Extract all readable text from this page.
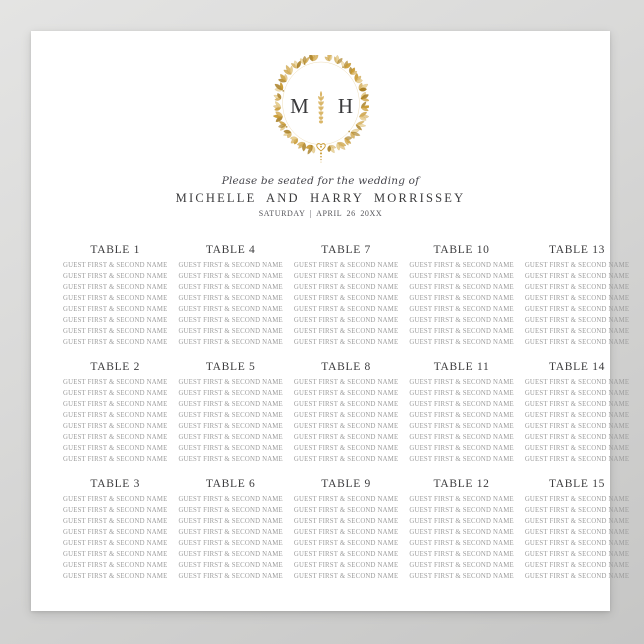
M	H
Please be seated for the wedding of
MICHELLE AND HARRY MORRISSEY
SATURDAY | APRIL 26 20XX
TABLE 1
GUEST FIRST & SECOND NAME
GUEST FIRST & SECOND NAME
GUEST FIRST & SECOND NAME
GUEST FIRST & SECOND NAME
GUEST FIRST & SECOND NAME
GUEST FIRST & SECOND NAME
GUEST FIRST & SECOND NAME
GUEST FIRST & SECOND NAME
TABLE 2
GUEST FIRST & SECOND NAME
GUEST FIRST & SECOND NAME
GUEST FIRST & SECOND NAME
GUEST FIRST & SECOND NAME
GUEST FIRST & SECOND NAME
GUEST FIRST & SECOND NAME
GUEST FIRST & SECOND NAME
GUEST FIRST & SECOND NAME
TABLE 3
GUEST FIRST & SECOND NAME
GUEST FIRST & SECOND NAME
GUEST FIRST & SECOND NAME
GUEST FIRST & SECOND NAME
GUEST FIRST & SECOND NAME
GUEST FIRST & SECOND NAME
GUEST FIRST & SECOND NAME
GUEST FIRST & SECOND NAME
TABLE 4
GUEST FIRST & SECOND NAME
GUEST FIRST & SECOND NAME
GUEST FIRST & SECOND NAME
GUEST FIRST & SECOND NAME
GUEST FIRST & SECOND NAME
GUEST FIRST & SECOND NAME
GUEST FIRST & SECOND NAME
GUEST FIRST & SECOND NAME
TABLE 5
GUEST FIRST & SECOND NAME
GUEST FIRST & SECOND NAME
GUEST FIRST & SECOND NAME
GUEST FIRST & SECOND NAME
GUEST FIRST & SECOND NAME
GUEST FIRST & SECOND NAME
GUEST FIRST & SECOND NAME
GUEST FIRST & SECOND NAME
TABLE 6
GUEST FIRST & SECOND NAME
GUEST FIRST & SECOND NAME
GUEST FIRST & SECOND NAME
GUEST FIRST & SECOND NAME
GUEST FIRST & SECOND NAME
GUEST FIRST & SECOND NAME
GUEST FIRST & SECOND NAME
GUEST FIRST & SECOND NAME
TABLE 7
GUEST FIRST & SECOND NAME
GUEST FIRST & SECOND NAME
GUEST FIRST & SECOND NAME
GUEST FIRST & SECOND NAME
GUEST FIRST & SECOND NAME
GUEST FIRST & SECOND NAME
GUEST FIRST & SECOND NAME
GUEST FIRST & SECOND NAME
TABLE 8
GUEST FIRST & SECOND NAME
GUEST FIRST & SECOND NAME
GUEST FIRST & SECOND NAME
GUEST FIRST & SECOND NAME
GUEST FIRST & SECOND NAME
GUEST FIRST & SECOND NAME
GUEST FIRST & SECOND NAME
GUEST FIRST & SECOND NAME
TABLE 9
GUEST FIRST & SECOND NAME
GUEST FIRST & SECOND NAME
GUEST FIRST & SECOND NAME
GUEST FIRST & SECOND NAME
GUEST FIRST & SECOND NAME
GUEST FIRST & SECOND NAME
GUEST FIRST & SECOND NAME
GUEST FIRST & SECOND NAME
TABLE 10
GUEST FIRST & SECOND NAME
GUEST FIRST & SECOND NAME
GUEST FIRST & SECOND NAME
GUEST FIRST & SECOND NAME
GUEST FIRST & SECOND NAME
GUEST FIRST & SECOND NAME
GUEST FIRST & SECOND NAME
GUEST FIRST & SECOND NAME
TABLE 11
GUEST FIRST & SECOND NAME
GUEST FIRST & SECOND NAME
GUEST FIRST & SECOND NAME
GUEST FIRST & SECOND NAME
GUEST FIRST & SECOND NAME
GUEST FIRST & SECOND NAME
GUEST FIRST & SECOND NAME
GUEST FIRST & SECOND NAME
TABLE 12
GUEST FIRST & SECOND NAME
GUEST FIRST & SECOND NAME
GUEST FIRST & SECOND NAME
GUEST FIRST & SECOND NAME
GUEST FIRST & SECOND NAME
GUEST FIRST & SECOND NAME
GUEST FIRST & SECOND NAME
GUEST FIRST & SECOND NAME
TABLE 13
GUEST FIRST & SECOND NAME
GUEST FIRST & SECOND NAME
GUEST FIRST & SECOND NAME
GUEST FIRST & SECOND NAME
GUEST FIRST & SECOND NAME
GUEST FIRST & SECOND NAME
GUEST FIRST & SECOND NAME
GUEST FIRST & SECOND NAME
TABLE 14
GUEST FIRST & SECOND NAME
GUEST FIRST & SECOND NAME
GUEST FIRST & SECOND NAME
GUEST FIRST & SECOND NAME
GUEST FIRST & SECOND NAME
GUEST FIRST & SECOND NAME
GUEST FIRST & SECOND NAME
GUEST FIRST & SECOND NAME
TABLE 15
GUEST FIRST & SECOND NAME
GUEST FIRST & SECOND NAME
GUEST FIRST & SECOND NAME
GUEST FIRST & SECOND NAME
GUEST FIRST & SECOND NAME
GUEST FIRST & SECOND NAME
GUEST FIRST & SECOND NAME
GUEST FIRST & SECOND NAME
